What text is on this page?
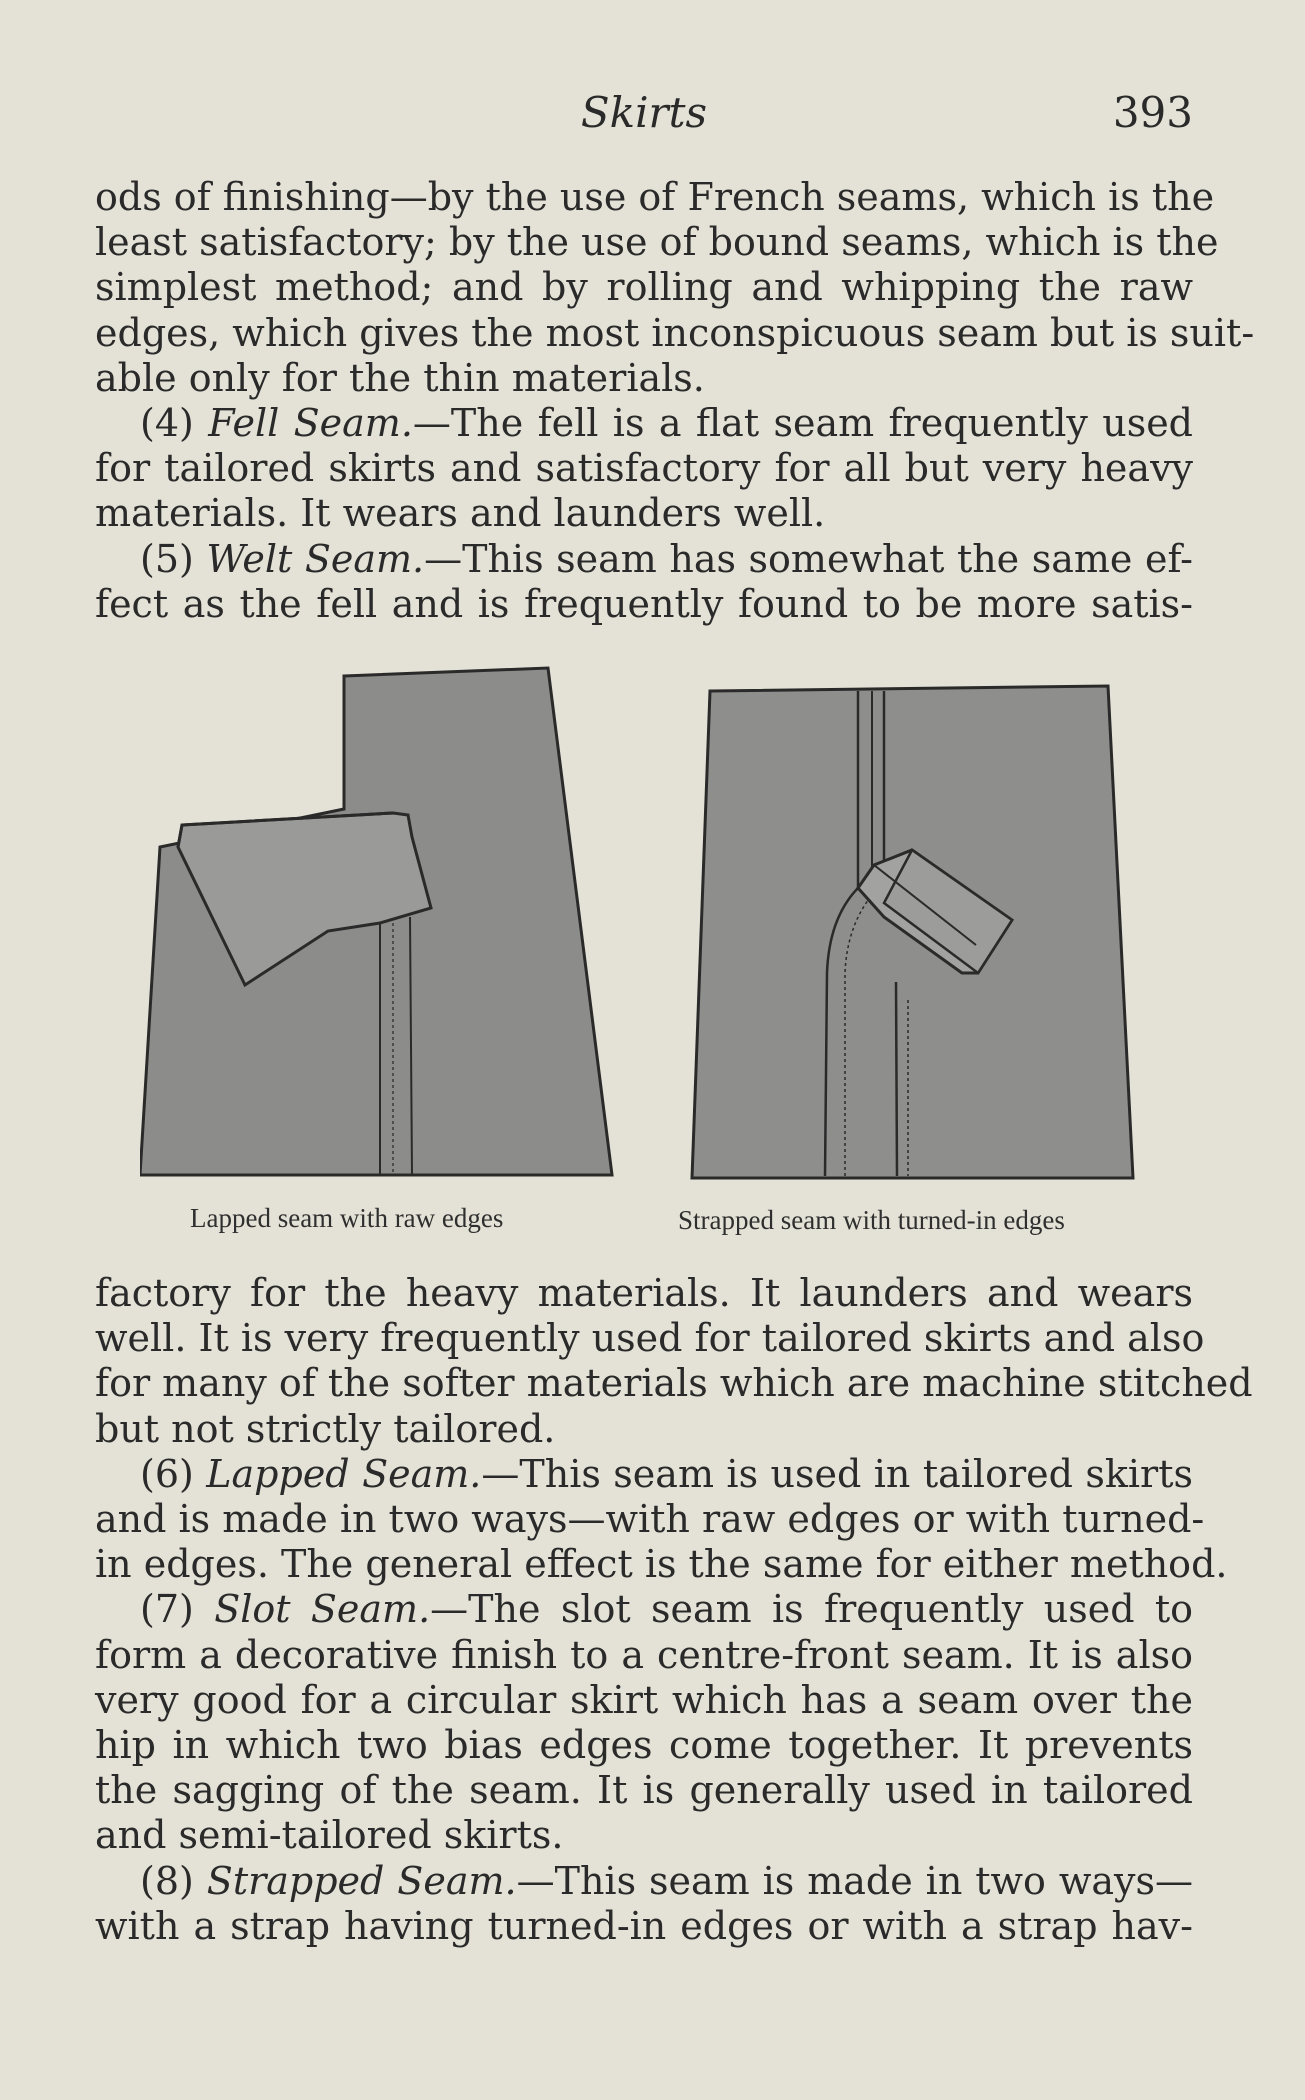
Skirts	393

ods of finishing—by the use of French seams, which is the
least satisfactory; by the use of bound seams, which is the
simplest method; and by rolling and whipping the raw
edges, which gives the most inconspicuous seam but is suit-
able only for the thin materials.

(4) Fell Seam.—The fell is a flat seam frequently used
for tailored skirts and satisfactory for all but very heavy
materials. It wears and launders well.

(5) Welt Seam.—This seam has somewhat the same ef-
fect as the fell and is frequently found to be more satis-

Lapped seam with raw edges	Strapped seam with turned-in edges

factory for the heavy materials. It launders and wears
well. It is very frequently used for tailored skirts and also
for many of the softer materials which are machine stitched
but not strictly tailored.

(6) Lapped Seam.—This seam is used in tailored skirts
and is made in two ways—with raw edges or with turned-
in edges. The general effect is the same for either method.

(7) Slot Seam.—The slot seam is frequently used to
form a decorative finish to a centre-front seam. It is also
very good for a circular skirt which has a seam over the
hip in which two bias edges come together. It prevents
the sagging of the seam. It is generally used in tailored
and semi-tailored skirts.

(8) Strapped Seam.—This seam is made in two ways—
with a strap having turned-in edges or with a strap hav-
